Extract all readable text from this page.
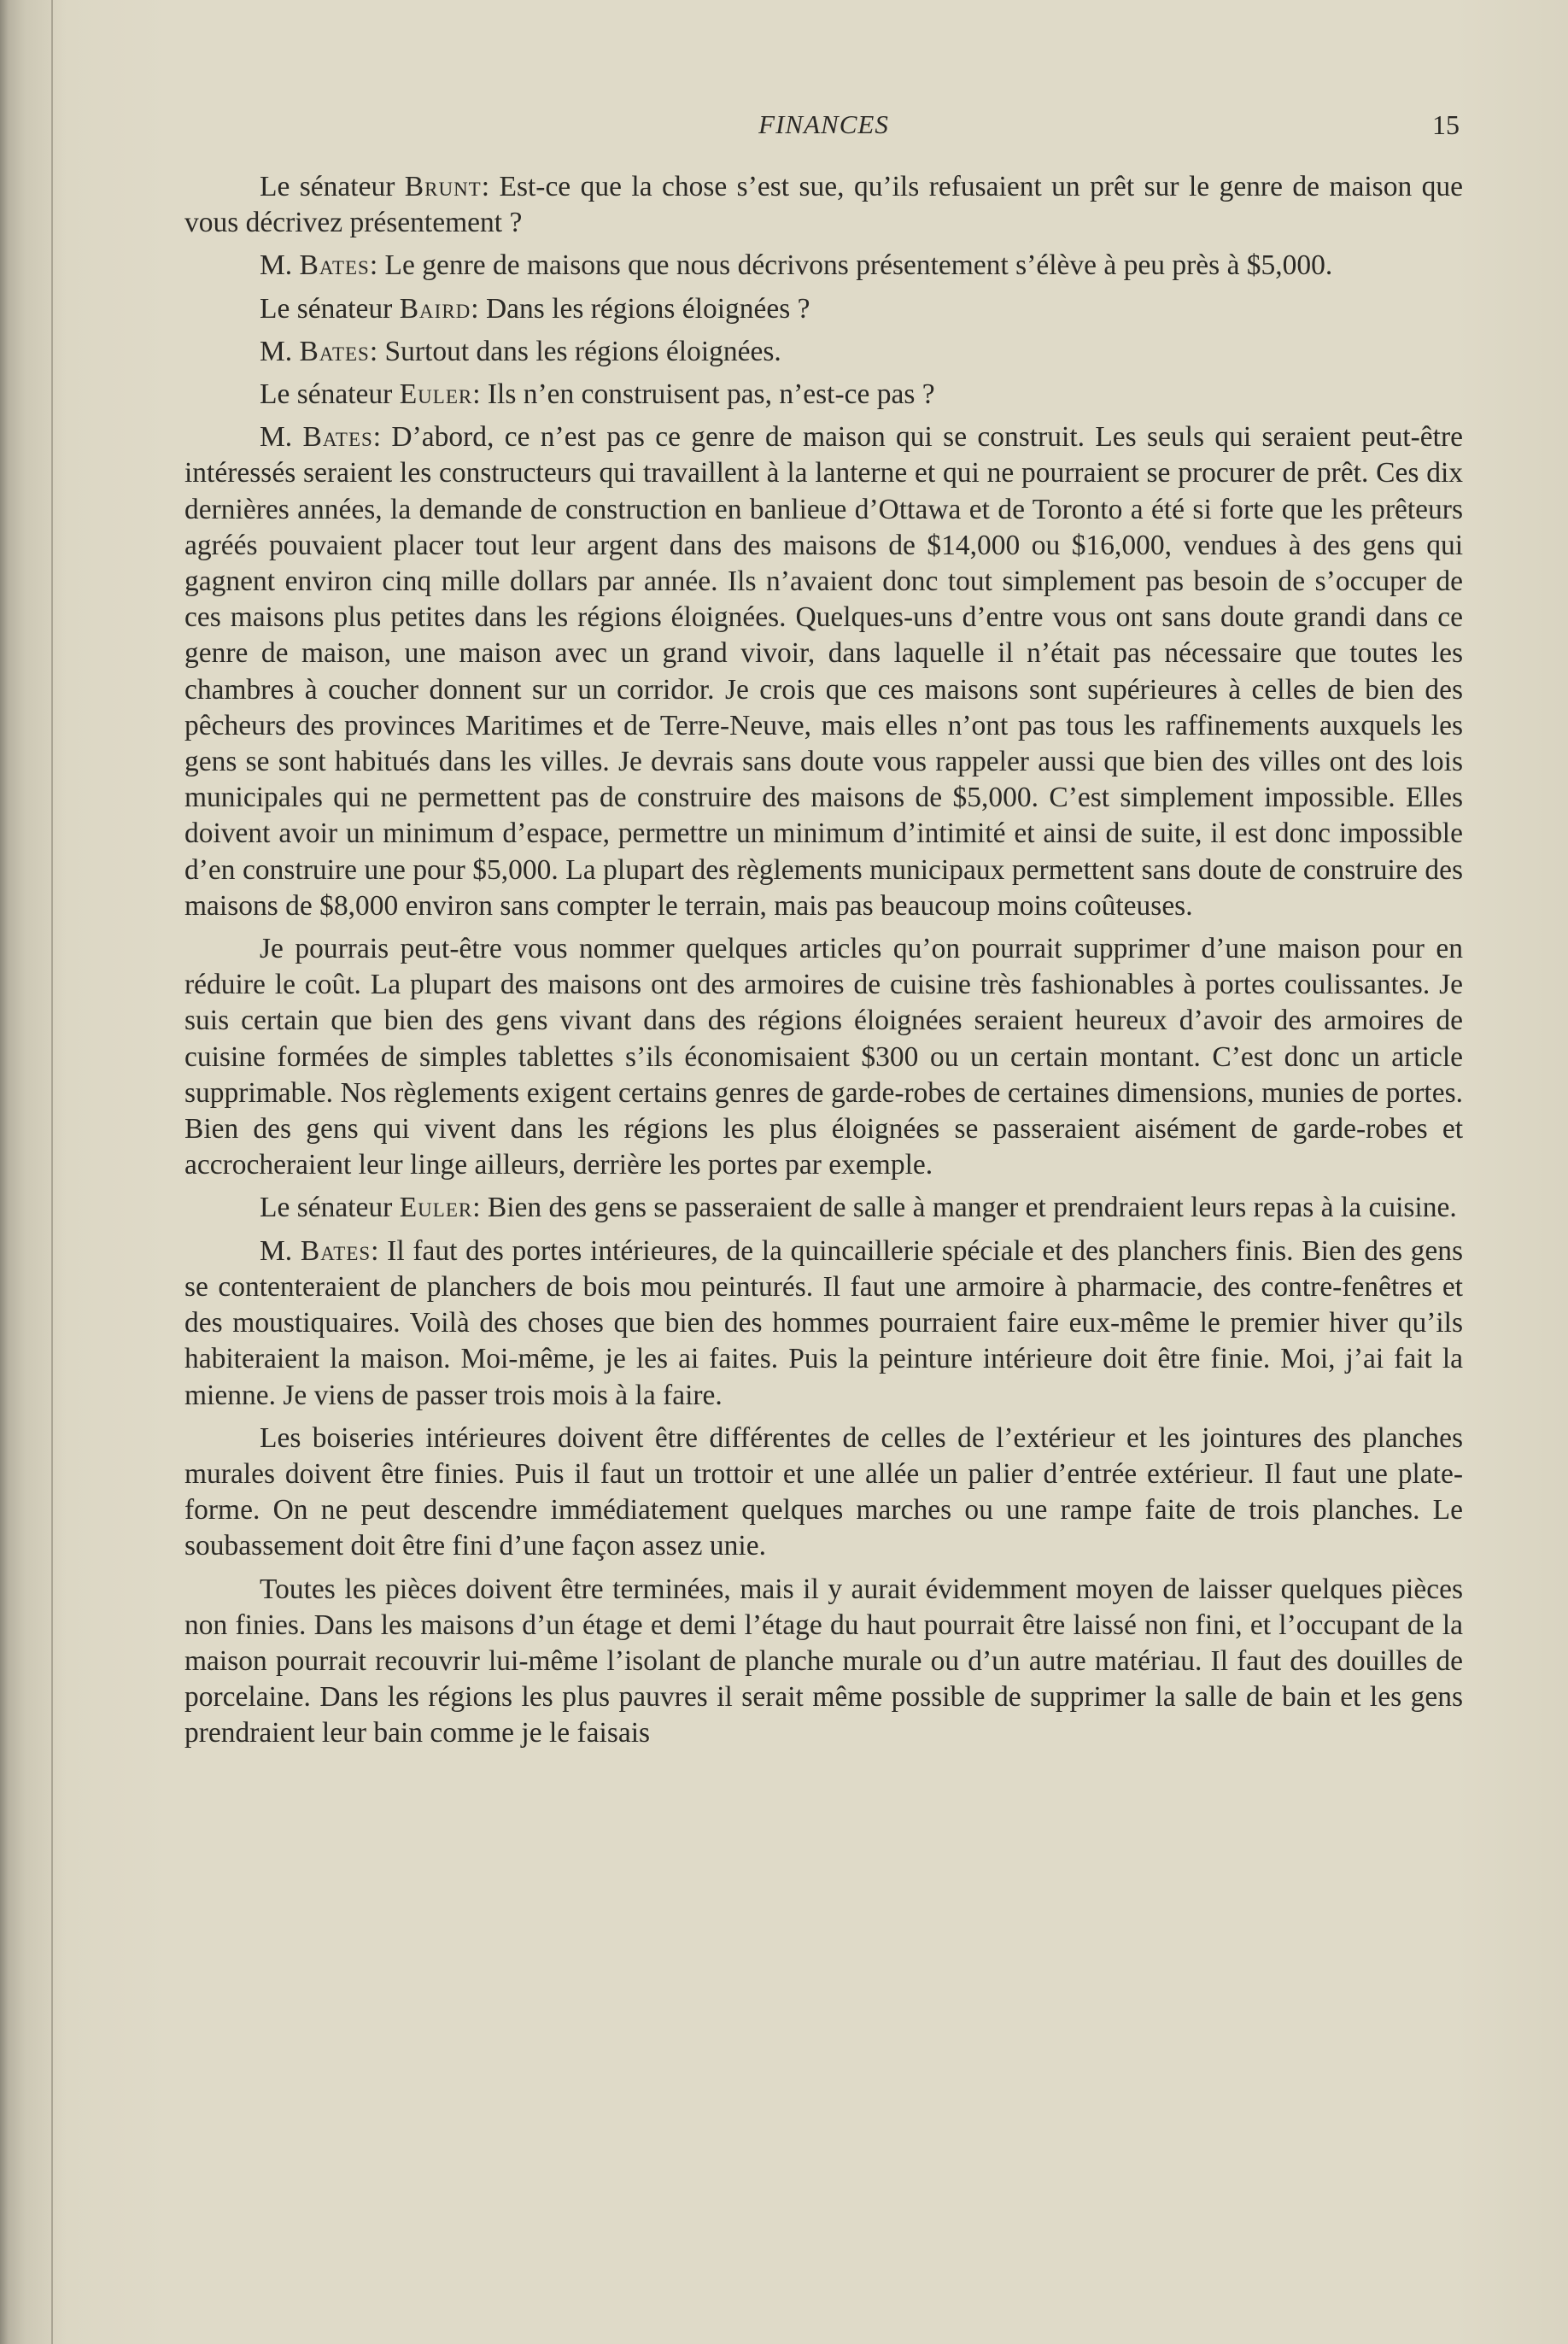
FINANCES	15

Le sénateur Brunt: Est-ce que la chose s’est sue, qu’ils refusaient un prêt sur le genre de maison que vous décrivez présentement ?

M. Bates: Le genre de maisons que nous décrivons présentement s’élève à peu près à $5,000.

Le sénateur Baird: Dans les régions éloignées ?

M. Bates: Surtout dans les régions éloignées.

Le sénateur Euler: Ils n’en construisent pas, n’est-ce pas ?

M. Bates: D’abord, ce n’est pas ce genre de maison qui se construit. Les seuls qui seraient peut-être intéressés seraient les constructeurs qui travaillent à la lanterne et qui ne pourraient se procurer de prêt. Ces dix dernières années, la demande de construction en banlieue d’Ottawa et de Toronto a été si forte que les prêteurs agréés pouvaient placer tout leur argent dans des maisons de $14,000 ou $16,000, vendues à des gens qui gagnent environ cinq mille dollars par année. Ils n’avaient donc tout simplement pas besoin de s’occuper de ces maisons plus petites dans les régions éloignées. Quelques-uns d’entre vous ont sans doute grandi dans ce genre de maison, une maison avec un grand vivoir, dans laquelle il n’était pas nécessaire que toutes les chambres à coucher donnent sur un corridor. Je crois que ces maisons sont supérieures à celles de bien des pêcheurs des provinces Maritimes et de Terre-Neuve, mais elles n’ont pas tous les raffinements auxquels les gens se sont habitués dans les villes. Je devrais sans doute vous rappeler aussi que bien des villes ont des lois municipales qui ne permettent pas de construire des maisons de $5,000. C’est simplement impossible. Elles doivent avoir un minimum d’espace, permettre un minimum d’intimité et ainsi de suite, il est donc impossible d’en construire une pour $5,000. La plupart des règlements municipaux permettent sans doute de construire des maisons de $8,000 environ sans compter le terrain, mais pas beaucoup moins coûteuses.

Je pourrais peut-être vous nommer quelques articles qu’on pourrait supprimer d’une maison pour en réduire le coût. La plupart des maisons ont des armoires de cuisine très fashionables à portes coulissantes. Je suis certain que bien des gens vivant dans des régions éloignées seraient heureux d’avoir des armoires de cuisine formées de simples tablettes s’ils économisaient $300 ou un certain montant. C’est donc un article supprimable. Nos règlements exigent certains genres de garde-robes de certaines dimensions, munies de portes. Bien des gens qui vivent dans les régions les plus éloignées se passeraient aisément de garde-robes et accrocheraient leur linge ailleurs, derrière les portes par exemple.

Le sénateur Euler: Bien des gens se passeraient de salle à manger et prendraient leurs repas à la cuisine.

M. Bates: Il faut des portes intérieures, de la quincaillerie spéciale et des planchers finis. Bien des gens se contenteraient de planchers de bois mou peinturés. Il faut une armoire à pharmacie, des contre-fenêtres et des moustiquaires. Voilà des choses que bien des hommes pourraient faire eux-même le premier hiver qu’ils habiteraient la maison. Moi-même, je les ai faites. Puis la peinture intérieure doit être finie. Moi, j’ai fait la mienne. Je viens de passer trois mois à la faire.

Les boiseries intérieures doivent être différentes de celles de l’extérieur et les jointures des planches murales doivent être finies. Puis il faut un trottoir et une allée un palier d’entrée extérieur. Il faut une plate-forme. On ne peut descendre immédiatement quelques marches ou une rampe faite de trois planches. Le soubassement doit être fini d’une façon assez unie.

Toutes les pièces doivent être terminées, mais il y aurait évidemment moyen de laisser quelques pièces non finies. Dans les maisons d’un étage et demi l’étage du haut pourrait être laissé non fini, et l’occupant de la maison pourrait recouvrir lui-même l’isolant de planche murale ou d’un autre matériau. Il faut des douilles de porcelaine. Dans les régions les plus pauvres il serait même possible de supprimer la salle de bain et les gens prendraient leur bain comme je le faisais
